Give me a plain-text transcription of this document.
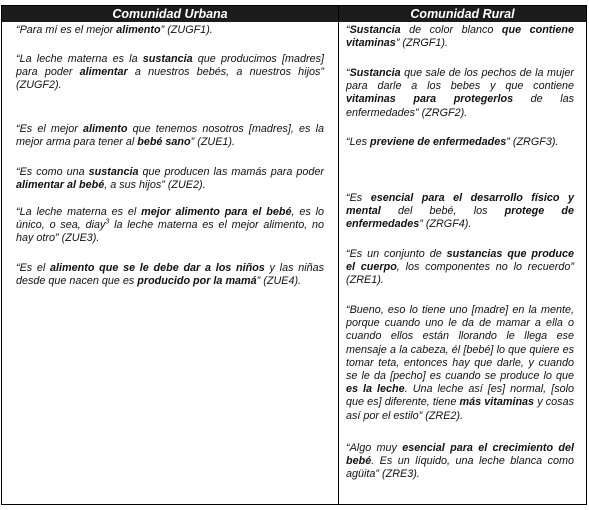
Comunidad Urbana	Comunidad Rural

“Para mí es el mejor alimento” (ZUGF1).

“La leche materna es la sustancia que producimos [madres] para poder alimentar a nuestros bebés, a nuestros hijos” (ZUGF2).

“Es el mejor alimento que tenemos nosotros [madres], es la mejor arma para tener al bebé sano” (ZUE1).

“Es como una sustancia que producen las mamás para poder alimentar al bebé, a sus hijos” (ZUE2).

“La leche materna es el mejor alimento para el bebé, es lo único, o sea, diay$^3$ la leche materna es el mejor alimento, no hay otro” (ZUE3).

“Es el alimento que se le debe dar a los niños y las niñas desde que nacen que es producido por la mamá” (ZUE4).

“Sustancia de color blanco que contiene vitaminas” (ZRGF1).

“Sustancia que sale de los pechos de la mujer para darle a los bebes y que contiene vitaminas para protegerlos de las enfermedades” (ZRGF2).

“Les previene de enfermedades” (ZRGF3).

“Es esencial para el desarrollo físico y mental del bebé, los protege de enfermedades” (ZRGF4).

“Es un conjunto de sustancias que produce el cuerpo, los componentes no lo recuerdo” (ZRE1).

“Bueno, eso lo tiene uno [madre] en la mente, porque cuando uno le da de mamar a ella o cuando ellos están llorando le llega ese mensaje a la cabeza, él [bebé] lo que quiere es tomar teta, entonces hay que darle, y cuando se le da [pecho] es cuando se produce lo que es la leche. Una leche así [es] normal, [solo que es] diferente, tiene más vitaminas y cosas así por el estilo” (ZRE2).

“Algo muy esencial para el crecimiento del bebé. Es un líquido, una leche blanca como agüita” (ZRE3).
